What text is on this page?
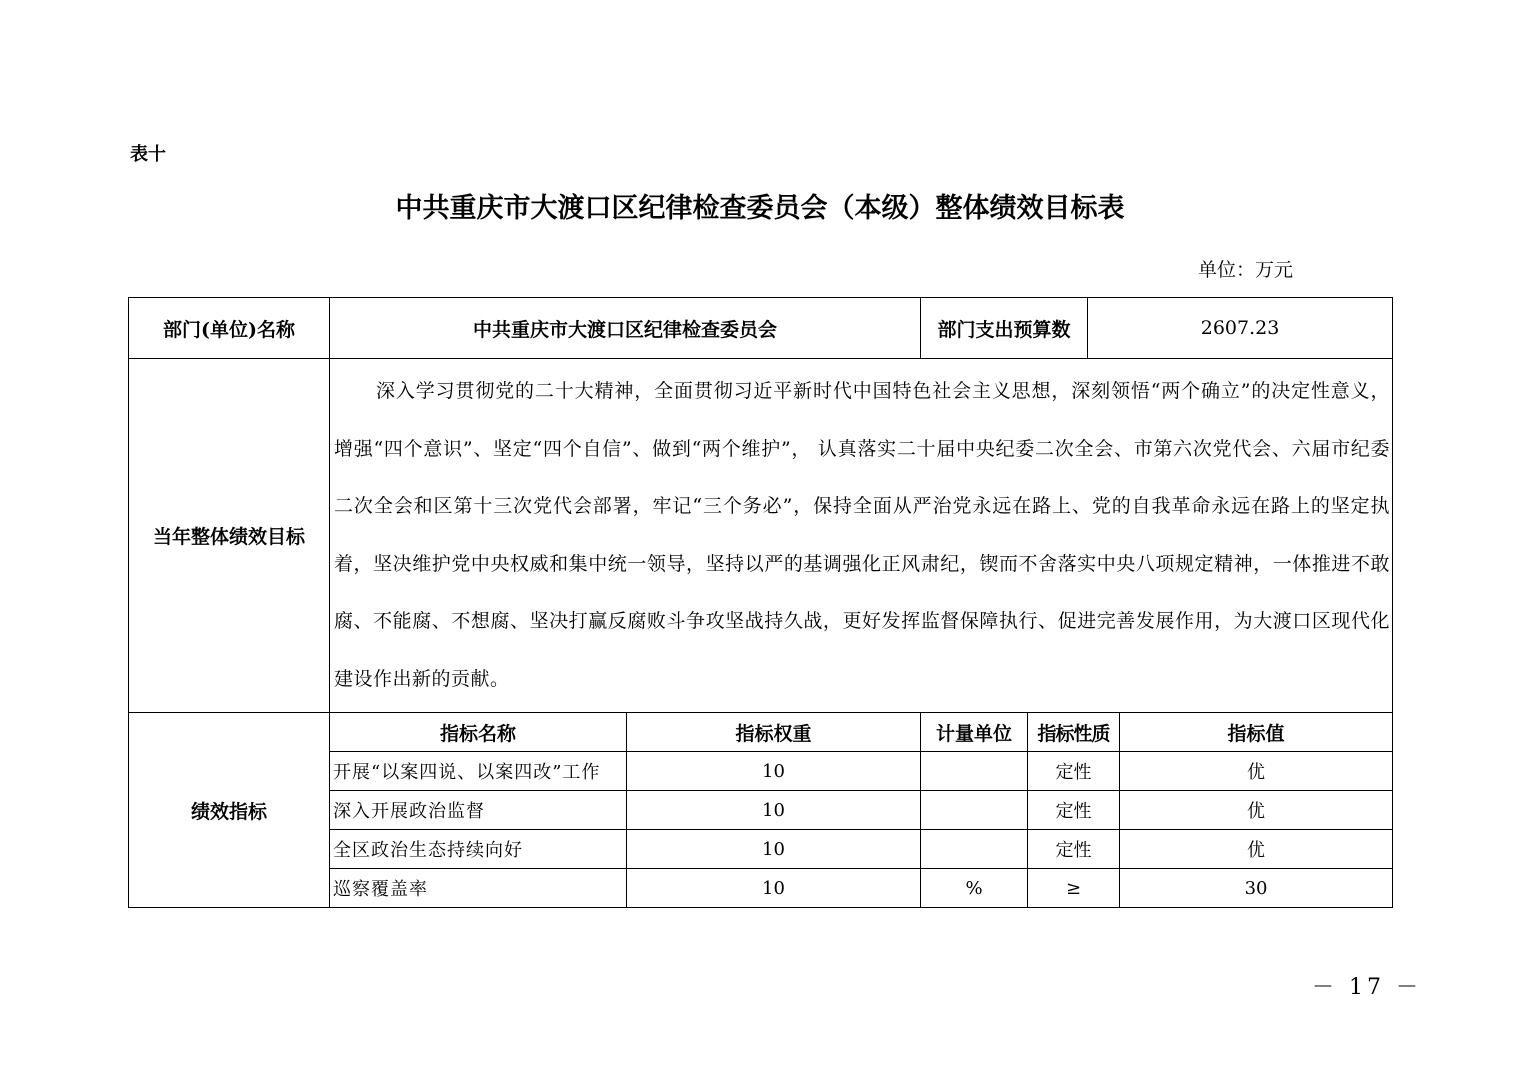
表十
中共重庆市大渡口区纪律检查委员会（本级）整体绩效目标表
单位：万元
部门(单位)名称	中共重庆市大渡口区纪律检查委员会		部门支出预算数		2607.23	
当年整体绩效目标	深入学习贯彻党的二十大精神，全面贯彻习近平新时代中国特色社会主义思想，深刻领悟“两个确立”的决定性意义，增强“四个意识”、坚定“四个自信”、做到“两个维护”， 认真落实二十届中央纪委二次全会、市第六次党代会、六届市纪委二次全会和区第十三次党代会部署，牢记“三个务必”，保持全面从严治党永远在路上、党的自我革命永远在路上的坚定执着，坚决维护党中央权威和集中统一领导，坚持以严的基调强化正风肃纪，锲而不舍落实中央八项规定精神，一体推进不敢腐、不能腐、不想腐、坚决打赢反腐败斗争攻坚战持久战，更好发挥监督保障执行、促进完善发展作用，为大渡口区现代化建设作出新的贡献。					
绩效指标	指标名称	指标权重	计量单位	指标性质		指标值
	开展“以案四说、以案四改”工作	10		定性		优
	深入开展政治监督	10		定性		优
	全区政治生态持续向好	10		定性		优
	巡察覆盖率	10	%	≥		30
－ 17 －
